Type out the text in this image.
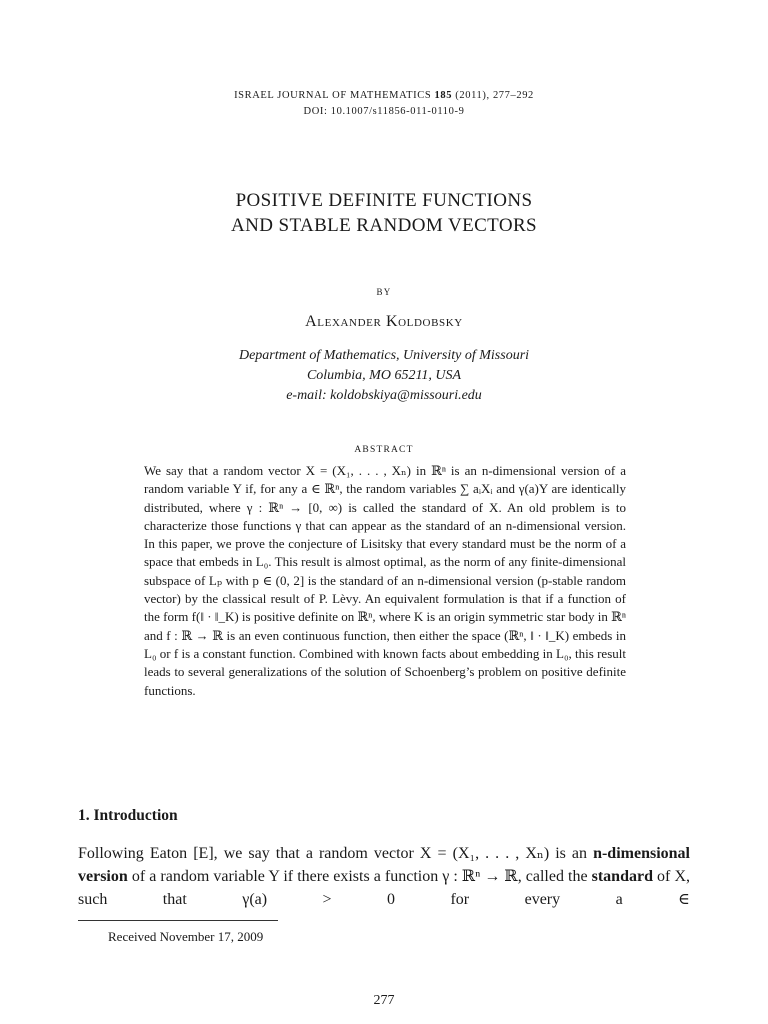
ISRAEL JOURNAL OF MATHEMATICS 185 (2011), 277–292
DOI: 10.1007/s11856-011-0110-9
POSITIVE DEFINITE FUNCTIONS
AND STABLE RANDOM VECTORS
BY
Alexander Koldobsky
Department of Mathematics, University of Missouri
Columbia, MO 65211, USA
e-mail: koldobskiya@missouri.edu
ABSTRACT

We say that a random vector X = (X₁, . . . , Xₙ) in ℝⁿ is an n-dimensional version of a random variable Y if, for any a ∈ ℝⁿ, the random variables ∑ aᵢXᵢ and γ(a)Y are identically distributed, where γ : ℝⁿ → [0, ∞) is called the standard of X. An old problem is to characterize those functions γ that can appear as the standard of an n-dimensional version. In this paper, we prove the conjecture of Lisitsky that every standard must be the norm of a space that embeds in L₀. This result is almost optimal, as the norm of any finite-dimensional subspace of Lₚ with p ∈ (0, 2] is the standard of an n-dimensional version (p-stable random vector) by the classical result of P. Lèvy. An equivalent formulation is that if a function of the form f(‖ · ‖_K) is positive definite on ℝⁿ, where K is an origin symmetric star body in ℝⁿ and f : ℝ → ℝ is an even continuous function, then either the space (ℝⁿ, ‖ · ‖_K) embeds in L₀ or f is a constant function. Combined with known facts about embedding in L₀, this result leads to several generalizations of the solution of Schoenberg’s problem on positive definite functions.

1. Introduction

Following Eaton [E], we say that a random vector X = (X₁, . . . , Xₙ) is an n-dimensional version of a random variable Y if there exists a function γ : ℝⁿ → ℝ, called the standard of X, such that γ(a) > 0 for every a ∈

Received November 17, 2009
277
